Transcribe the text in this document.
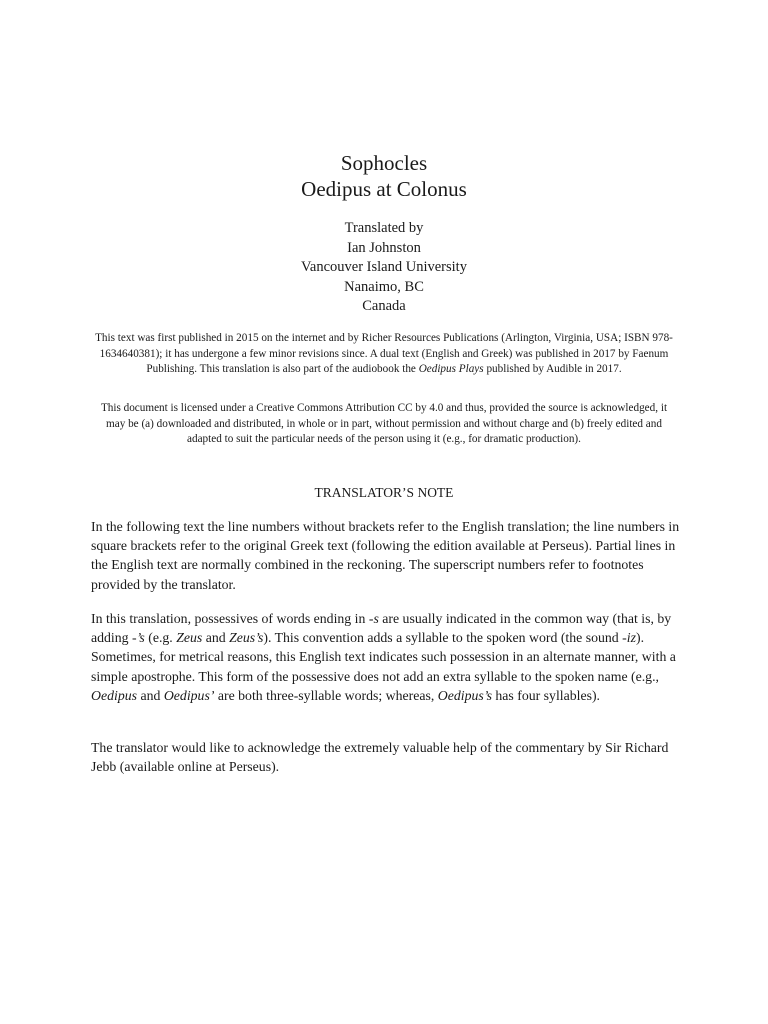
Sophocles
Oedipus at Colonus
Translated by
Ian Johnston
Vancouver Island University
Nanaimo, BC
Canada

This text was first published in 2015 on the internet and by Richer Resources Publications (Arlington, Virginia, USA; ISBN 978-1634640381); it has undergone a few minor revisions since. A dual text (English and Greek) was published in 2017 by Faenum Publishing. This translation is also part of the audiobook the Oedipus Plays published by Audible in 2017.

This document is licensed under a Creative Commons Attribution CC by 4.0 and thus, provided the source is acknowledged, it may be (a) downloaded and distributed, in whole or in part, without permission and without charge and (b) freely edited and adapted to suit the particular needs of the person using it (e.g., for dramatic production).

TRANSLATOR’S NOTE

In the following text the line numbers without brackets refer to the English translation; the line numbers in square brackets refer to the original Greek text (following the edition available at Perseus). Partial lines in the English text are normally combined in the reckoning. The superscript numbers refer to footnotes provided by the translator.

In this translation, possessives of words ending in -s are usually indicated in the common way (that is, by adding -’s (e.g. Zeus and Zeus’s). This convention adds a syllable to the spoken word (the sound -iz). Sometimes, for metrical reasons, this English text indicates such possession in an alternate manner, with a simple apostrophe. This form of the possessive does not add an extra syllable to the spoken name (e.g., Oedipus and Oedipus’ are both three-syllable words; whereas, Oedipus’s has four syllables).

The translator would like to acknowledge the extremely valuable help of the commentary by Sir Richard Jebb (available online at Perseus).
